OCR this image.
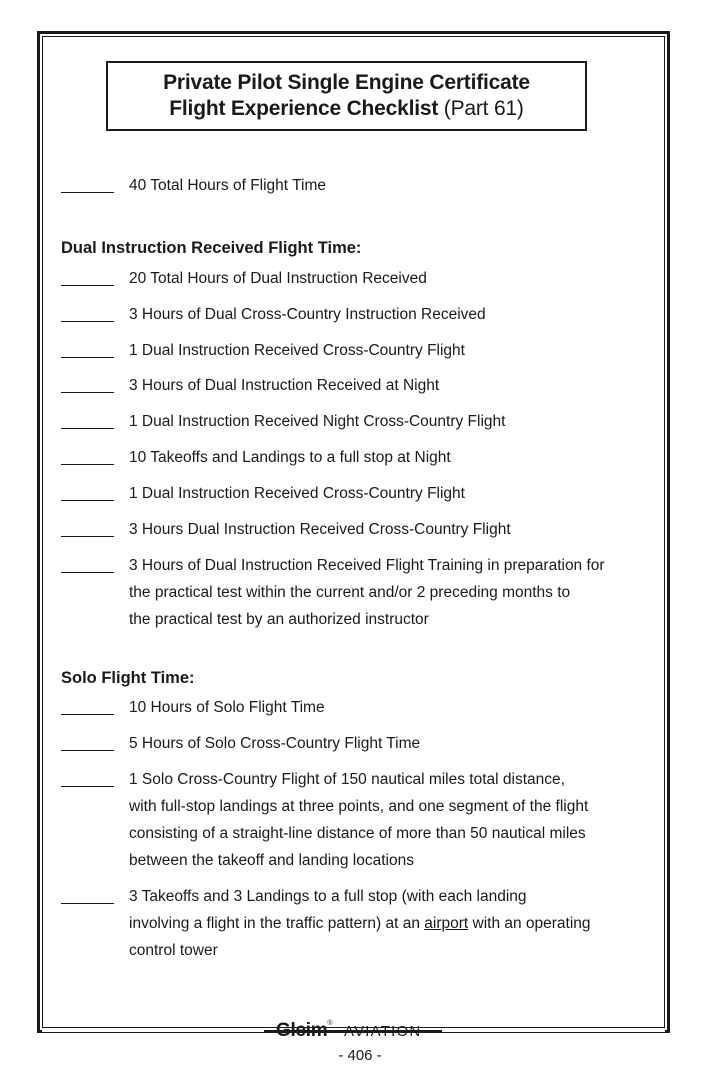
Private Pilot Single Engine Certificate
Flight Experience Checklist (Part 61)
40 Total Hours of Flight Time
Dual Instruction Received Flight Time:
20 Total Hours of Dual Instruction Received
3 Hours of Dual Cross-Country Instruction Received
1 Dual Instruction Received Cross-Country Flight
3 Hours of Dual Instruction Received at Night
1 Dual Instruction Received Night Cross-Country Flight
10 Takeoffs and Landings to a full stop at Night
1 Dual Instruction Received Cross-Country Flight
3 Hours Dual Instruction Received Cross-Country Flight
3 Hours of Dual Instruction Received Flight Training in preparation for
the practical test within the current and/or 2 preceding months to
the practical test by an authorized instructor
Solo Flight Time:
10 Hours of Solo Flight Time
5 Hours of Solo Cross-Country Flight Time
1 Solo Cross-Country Flight of 150 nautical miles total distance,
with full-stop landings at three points, and one segment of the flight
consisting of a straight-line distance of more than 50 nautical miles
between the takeoff and landing locations
3 Takeoffs and 3 Landings to a full stop (with each landing
involving a flight in the traffic pattern) at an airport with an operating
control tower
Gleim® AVIATION
- 406 -
